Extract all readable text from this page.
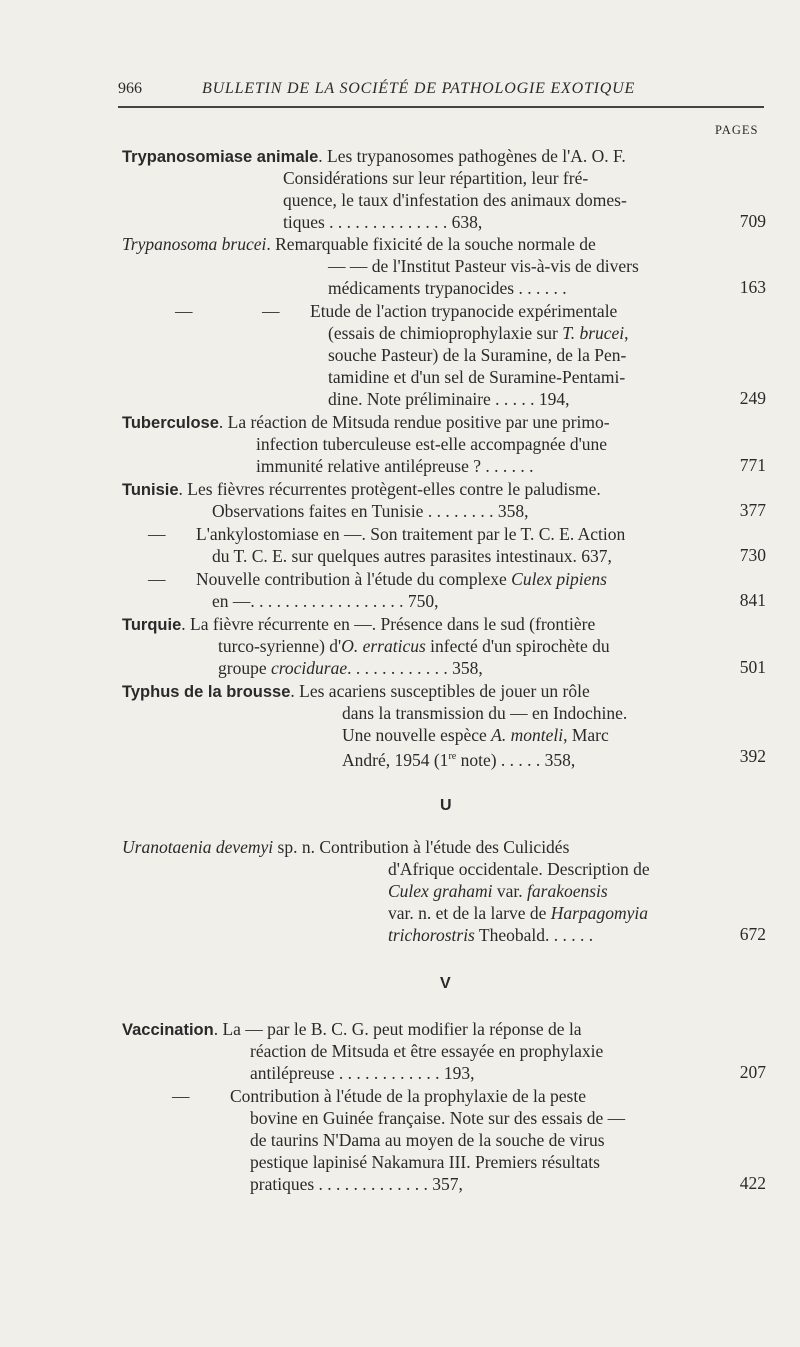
966	BULLETIN DE LA SOCIÉTÉ DE PATHOLOGIE EXOTIQUE
PAGES
Trypanosomiase animale. Les trypanosomes pathogènes de l'A. O. F.
Considérations sur leur répartition, leur fré-
quence, le taux d'infestation des animaux domes-
tiques . . . . . . . . . . . . . . 638,	709
Trypanosoma brucei. Remarquable fixicité de la souche normale de
— — de l'Institut Pasteur vis-à-vis de divers
médicaments trypanocides . . . . . .	163
—	— Etude de l'action trypanocide expérimentale
(essais de chimioprophylaxie sur T. brucei,
souche Pasteur) de la Suramine, de la Pen-
tamidine et d'un sel de Suramine-Pentami-
dine. Note préliminaire . . . . . 194,	249
Tuberculose. La réaction de Mitsuda rendue positive par une primo-
infection tuberculeuse est-elle accompagnée d'une
immunité relative antilépreuse ? . . . . . .	771
Tunisie. Les fièvres récurrentes protègent-elles contre le paludisme.
Observations faites en Tunisie . . . . . . . . 358,	377
— L'ankylostomiase en —. Son traitement par le T. C. E. Action
du T. C. E. sur quelques autres parasites intestinaux. 637,	730
— Nouvelle contribution à l'étude du complexe Culex pipiens
en —. . . . . . . . . . . . . . . . . . 750,	841
Turquie. La fièvre récurrente en —. Présence dans le sud (frontière
turco-syrienne) d'O. erraticus infecté d'un spirochète du
groupe crocidurae. . . . . . . . . . . . 358,	501
Typhus de la brousse. Les acariens susceptibles de jouer un rôle
dans la transmission du — en Indochine.
Une nouvelle espèce A. monteli, Marc
André, 1954 (1re note) . . . . . 358,	392
U
Uranotaenia devemyi sp. n. Contribution à l'étude des Culicidés
d'Afrique occidentale. Description de
Culex grahami var. farakoensis
var. n. et de la larve de Harpagomyia
trichorostris Theobald. . . . . .	672
V
Vaccination. La — par le B. C. G. peut modifier la réponse de la
réaction de Mitsuda et être essayée en prophylaxie
antilépreuse . . . . . . . . . . . . 193,	207
— Contribution à l'étude de la prophylaxie de la peste
bovine en Guinée française. Note sur des essais de —
de taurins N'Dama au moyen de la souche de virus
pestique lapinisé Nakamura III. Premiers résultats
pratiques . . . . . . . . . . . . . 357,	422
